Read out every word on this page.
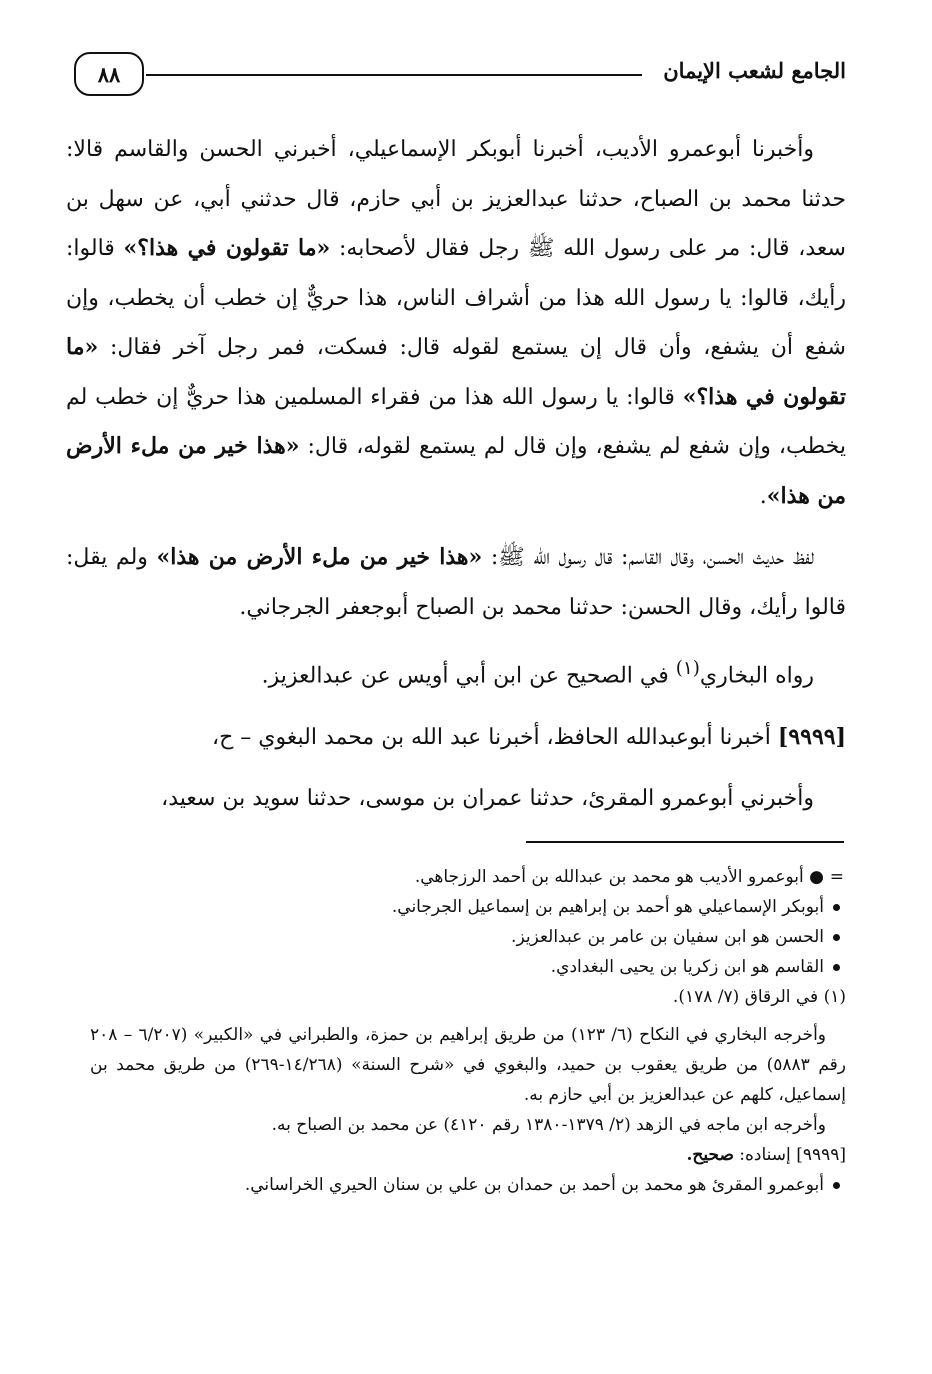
٨٨	الجامع لشعب الإيمان

وأخبرنا أبوعمرو الأديب، أخبرنا أبوبكر الإسماعيلي، أخبرني الحسن والقاسم قالا: حدثنا محمد بن الصباح، حدثنا عبدالعزيز بن أبي حازم، قال حدثني أبي، عن سهل بن سعد، قال: مر على رسول الله ﷺ رجل فقال لأصحابه: «ما تقولون في هذا؟» قالوا: رأيك، قالوا: يا رسول الله هذا من أشراف الناس، هذا حريٌّ إن خطب أن يخطب، وإن شفع أن يشفع، وأن قال إن يستمع لقوله قال: فسكت، فمر رجل آخر فقال: «ما تقولون في هذا؟» قالوا: يا رسول الله هذا من فقراء المسلمين هذا حريٌّ إن خطب لم يخطب، وإن شفع لم يشفع، وإن قال لم يستمع لقوله، قال: «هذا خير من ملء الأرض من هذا».

لفظ حديث الحسن، وقال القاسم: قال رسول الله ﷺ: «هذا خير من ملء الأرض من هذا» ولم يقل: قالوا رأيك، وقال الحسن: حدثنا محمد بن الصباح أبوجعفر الجرجاني.

رواه البخاري$^{(١)}$ في الصحيح عن ابن أبي أويس عن عبدالعزيز.

[٩٩٩٩] أخبرنا أبوعبدالله الحافظ، أخبرنا عبد الله بن محمد البغوي – ح،

وأخبرني أبوعمرو المقرئ، حدثنا عمران بن موسى، حدثنا سويد بن سعيد،

=
● أبوعمرو الأديب هو محمد بن عبدالله بن أحمد الرزجاهي.

أبوبكر الإسماعيلي هو أحمد بن إبراهيم بن إسماعيل الجرجاني.

الحسن هو ابن سفيان بن عامر بن عبدالعزيز.

القاسم هو ابن زكريا بن يحيى البغدادي.

(١) في الرقاق (٧/ ١٧٨).

وأخرجه البخاري في النكاح (٦/ ١٢٣) من طريق إبراهيم بن حمزة، والطبراني في «الكبير» (٦/٢٠٧ – ٢٠٨ رقم ٥٨٨٣) من طريق يعقوب بن حميد، والبغوي في «شرح السنة» (١٤/٢٦٨-٢٦٩) من طريق محمد بن إسماعيل، كلهم عن عبدالعزيز بن أبي حازم به.

وأخرجه ابن ماجه في الزهد (٢/ ١٣٧٩-١٣٨٠ رقم ٤١٢٠) عن محمد بن الصباح به.

[٩٩٩٩] إسناده: صحيح.

أبوعمرو المقرئ هو محمد بن أحمد بن حمدان بن علي بن سنان الحيري الخراساني.
